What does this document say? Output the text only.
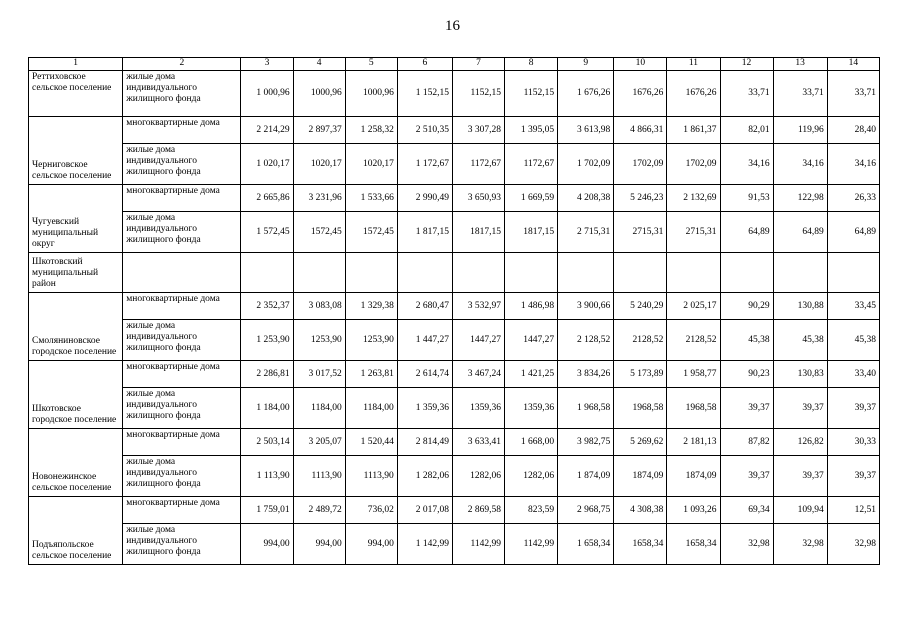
16
1	2	3	4	5	6	7	8	9	10	11	12	13	14
Реттиховское сельское поселение	жилые дома индивидуального жилищного фонда	1 000,96	1000,96	1000,96	1 152,15	1152,15	1152,15	1 676,26	1676,26	1676,26	33,71	33,71	33,71
Черниговское сельское поселение	многоквартирные дома	2 214,29	2 897,37	1 258,32	2 510,35	3 307,28	1 395,05	3 613,98	4 866,31	1 861,37	82,01	119,96	28,40
	жилые дома индивидуального жилищного фонда	1 020,17	1020,17	1020,17	1 172,67	1172,67	1172,67	1 702,09	1702,09	1702,09	34,16	34,16	34,16
Чугуевский муниципальный округ	многоквартирные дома	2 665,86	3 231,96	1 533,66	2 990,49	3 650,93	1 669,59	4 208,38	5 246,23	2 132,69	91,53	122,98	26,33
	жилые дома индивидуального жилищного фонда	1 572,45	1572,45	1572,45	1 817,15	1817,15	1817,15	2 715,31	2715,31	2715,31	64,89	64,89	64,89
Шкотовский муниципальный район													
Смоляниновское городское поселение	многоквартирные дома	2 352,37	3 083,08	1 329,38	2 680,47	3 532,97	1 486,98	3 900,66	5 240,29	2 025,17	90,29	130,88	33,45
	жилые дома индивидуального жилищного фонда	1 253,90	1253,90	1253,90	1 447,27	1447,27	1447,27	2 128,52	2128,52	2128,52	45,38	45,38	45,38
Шкотовское городское поселение	многоквартирные дома	2 286,81	3 017,52	1 263,81	2 614,74	3 467,24	1 421,25	3 834,26	5 173,89	1 958,77	90,23	130,83	33,40
	жилые дома индивидуального жилищного фонда	1 184,00	1184,00	1184,00	1 359,36	1359,36	1359,36	1 968,58	1968,58	1968,58	39,37	39,37	39,37
Новонежинское сельское поселение	многоквартирные дома	2 503,14	3 205,07	1 520,44	2 814,49	3 633,41	1 668,00	3 982,75	5 269,62	2 181,13	87,82	126,82	30,33
	жилые дома индивидуального жилищного фонда	1 113,90	1113,90	1113,90	1 282,06	1282,06	1282,06	1 874,09	1874,09	1874,09	39,37	39,37	39,37
Подъяпольское сельское поселение	многоквартирные дома	1 759,01	2 489,72	736,02	2 017,08	2 869,58	823,59	2 968,75	4 308,38	1 093,26	69,34	109,94	12,51
	жилые дома индивидуального жилищного фонда	994,00	994,00	994,00	1 142,99	1142,99	1142,99	1 658,34	1658,34	1658,34	32,98	32,98	32,98
